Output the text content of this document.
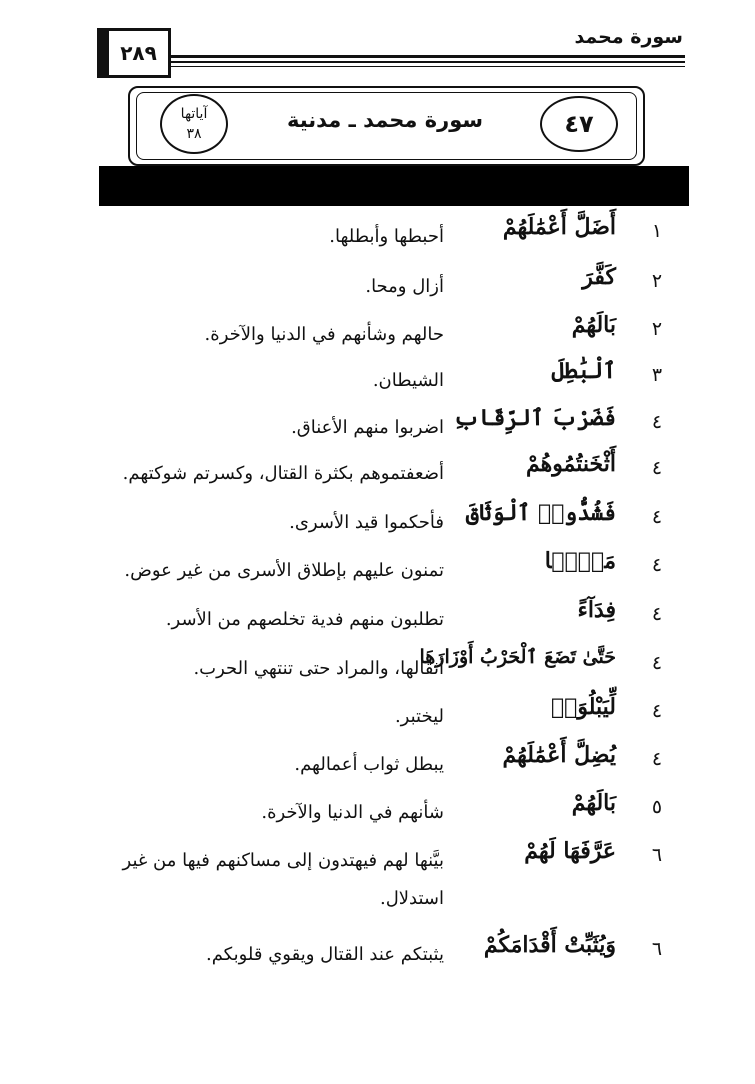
٢٨٩
سورة محمد
آياتها
٣٨
سورة محمد ـ مدنية	٤٧
١
أَضَلَّ أَعْمَٰلَهُمْ
أحبطها وأبطلها.
٢
كَفَّرَ
أزال ومحا.
٢
بَالَهُمْ
حالهم وشأنهم في الدنيا والآخرة.
٣
ٱلْبَٰطِلَ
الشيطان.
٤
فَضَرْبَ ٱلرِّقَابِ
اضربوا منهم الأعناق.
٤
أَثْخَنتُمُوهُمْ
أضعفتموهم بكثرة القتال، وكسرتم شوكتهم.
٤
فَشُدُّوا۟ ٱلْوَثَاقَ
فأحكموا قيد الأسرى.
٤
مَنًّۢا
تمنون عليهم بإطلاق الأسرى من غير عوض.
٤
فِدَآءً
تطلبون منهم فدية تخلصهم من الأسر.
٤
حَتَّىٰ تَضَعَ ٱلْحَرْبُ أَوْزَارَهَا
أثقالها، والمراد حتى تنتهي الحرب.
٤
لِّيَبْلُوَا۟
ليختبر.
٤
يُضِلَّ أَعْمَٰلَهُمْ
يبطل ثواب أعمالهم.
٥
بَالَهُمْ
شأنهم في الدنيا والآخرة.
٦
عَرَّفَهَا لَهُمْ
بيَّنها لهم فيهتدون إلى مساكنهم فيها من غير استدلال.
٦
وَيُثَبِّتْ أَقْدَامَكُمْ
يثبتكم عند القتال ويقوي قلوبكم.
